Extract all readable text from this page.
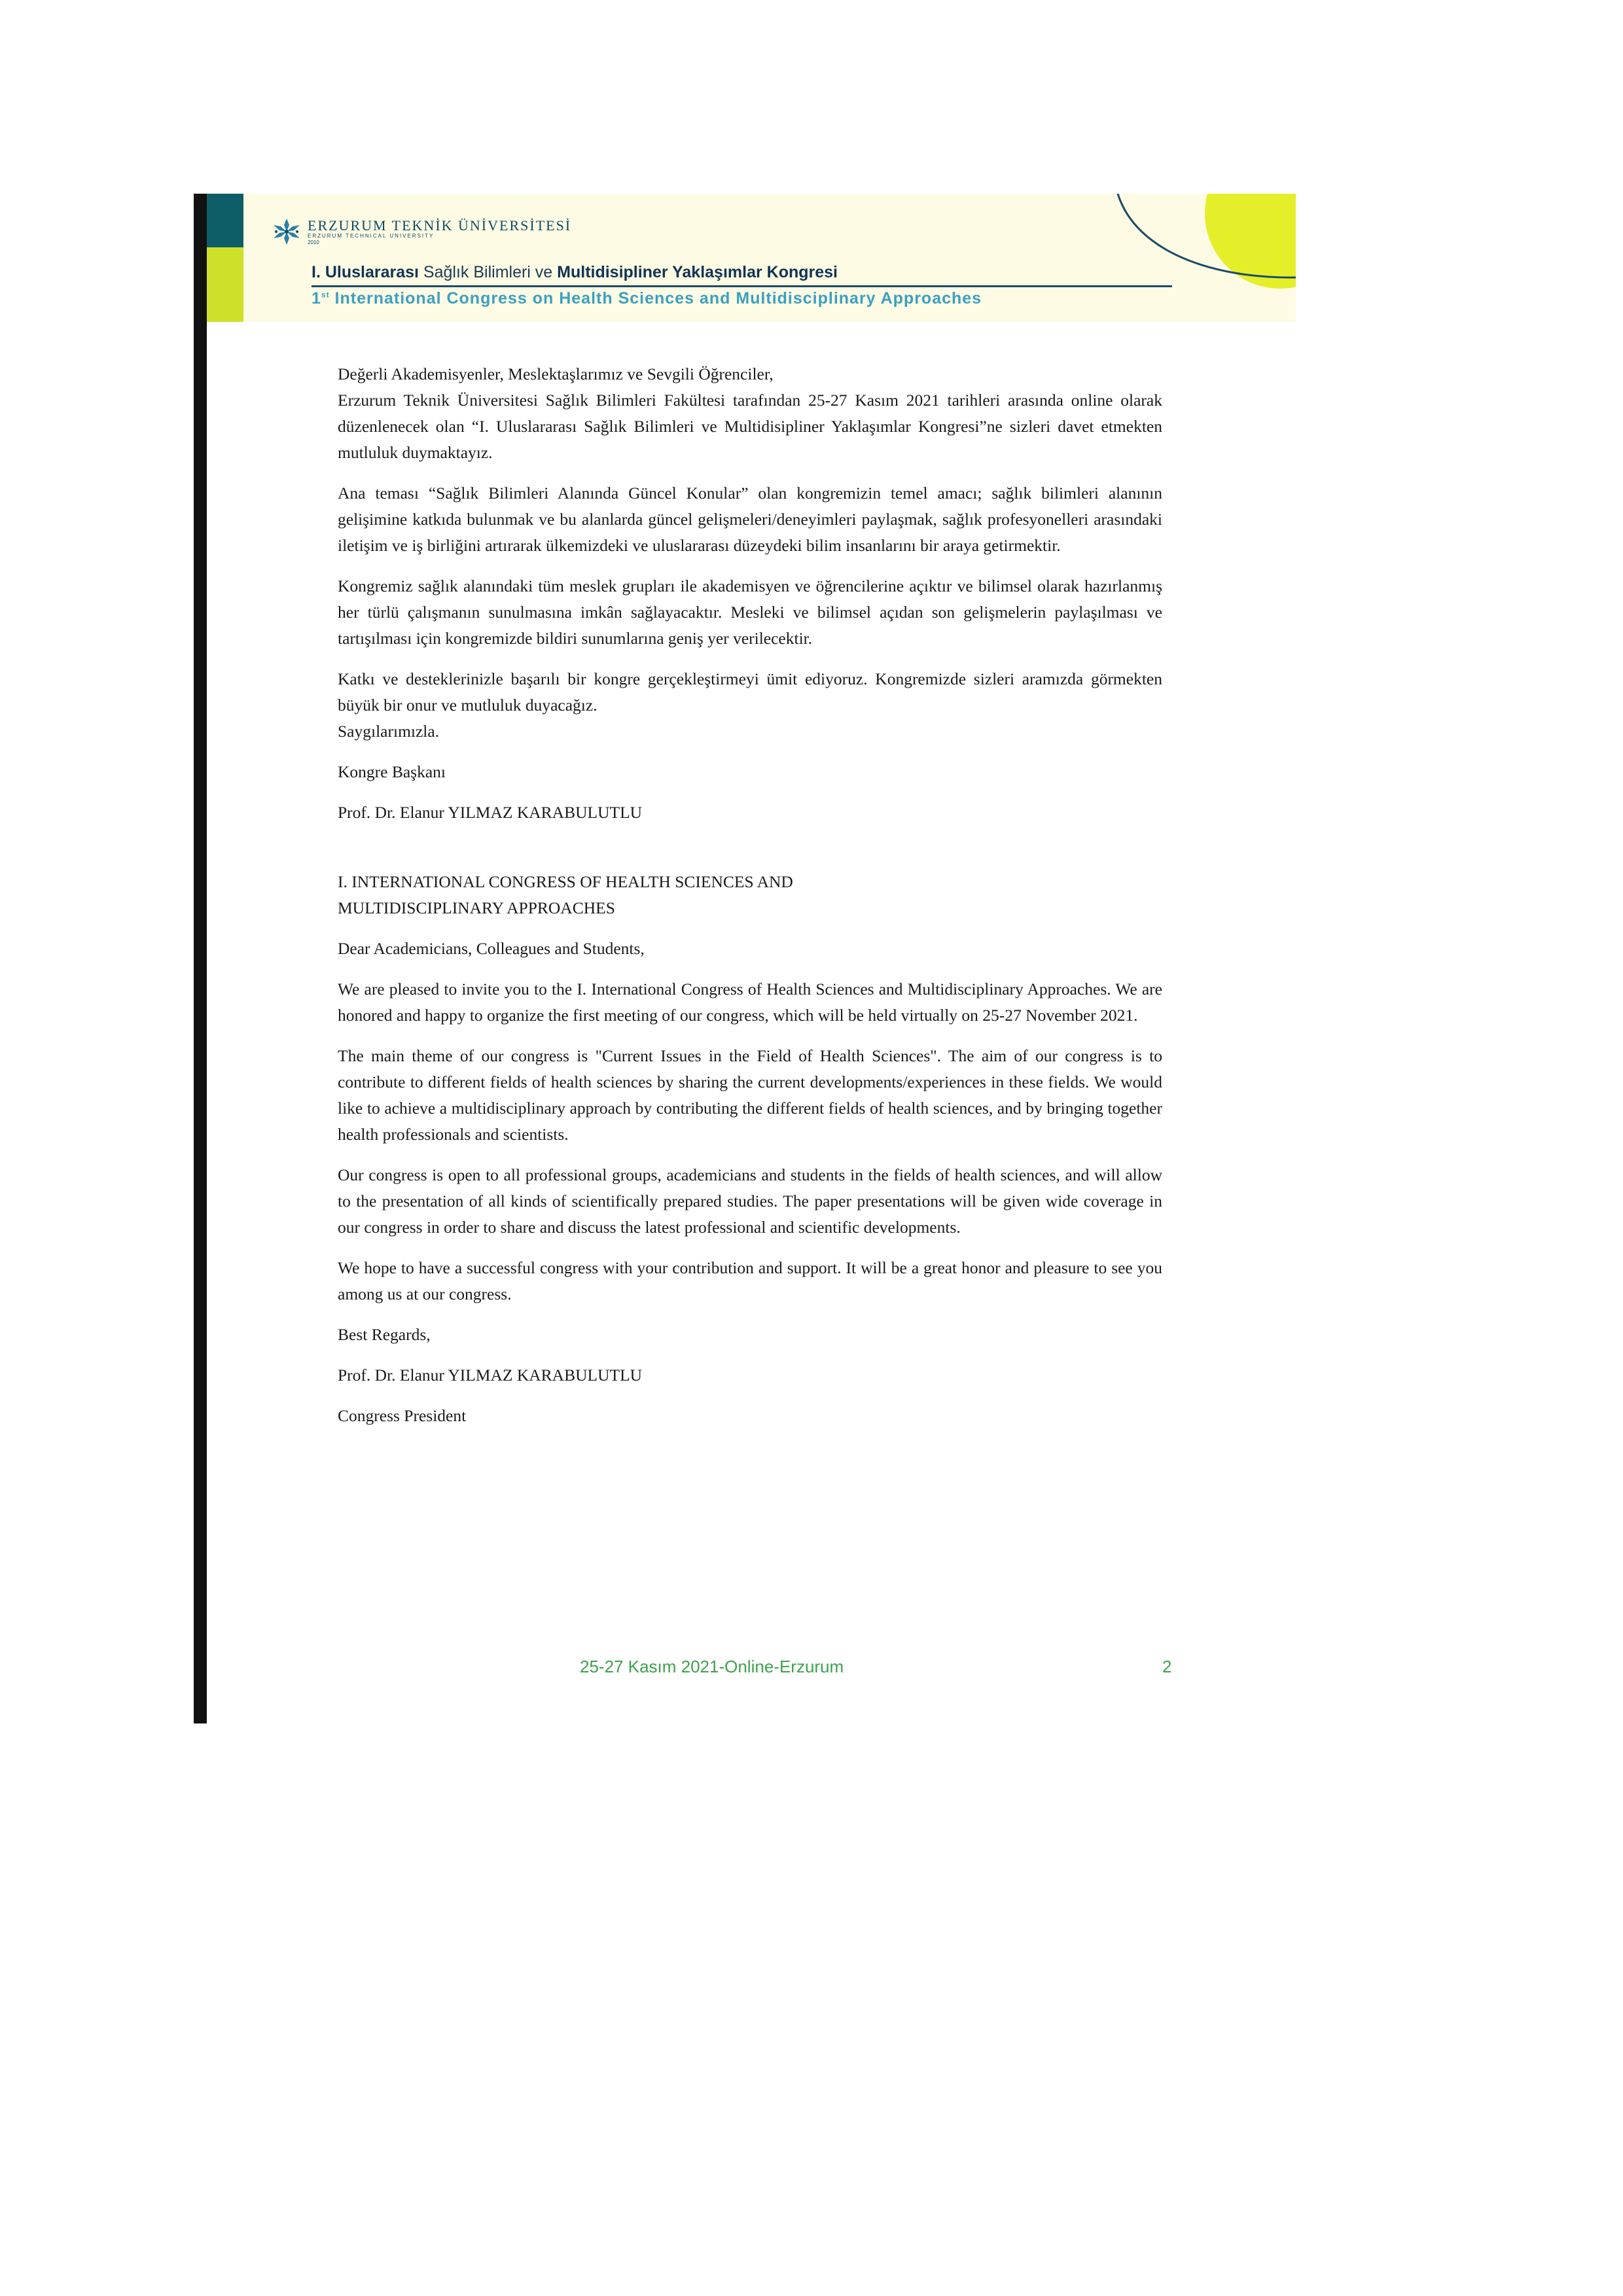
ERZURUM TEKNİK ÜNİVERSİTESİ
ERZURUM TECHNICAL UNIVERSITY
2010
I. Uluslararası Sağlık Bilimleri ve Multidisipliner Yaklaşımlar Kongresi
1st International Congress on Health Sciences and Multidisciplinary Approaches

Değerli Akademisyenler, Meslektaşlarımız ve Sevgili Öğrenciler,

Erzurum Teknik Üniversitesi Sağlık Bilimleri Fakültesi tarafından 25-27 Kasım 2021 tarihleri arasında online olarak düzenlenecek olan “I. Uluslararası Sağlık Bilimleri ve Multidisipliner Yaklaşımlar Kongresi”ne sizleri davet etmekten mutluluk duymaktayız.

Ana teması “Sağlık Bilimleri Alanında Güncel Konular” olan kongremizin temel amacı; sağlık bilimleri alanının gelişimine katkıda bulunmak ve bu alanlarda güncel gelişmeleri/deneyimleri paylaşmak, sağlık profesyonelleri arasındaki iletişim ve iş birliğini artırarak ülkemizdeki ve uluslararası düzeydeki bilim insanlarını bir araya getirmektir.

Kongremiz sağlık alanındaki tüm meslek grupları ile akademisyen ve öğrencilerine açıktır ve bilimsel olarak hazırlanmış her türlü çalışmanın sunulmasına imkân sağlayacaktır. Mesleki ve bilimsel açıdan son gelişmelerin paylaşılması ve tartışılması için kongremizde bildiri sunumlarına geniş yer verilecektir.

Katkı ve desteklerinizle başarılı bir kongre gerçekleştirmeyi ümit ediyoruz. Kongremizde sizleri aramızda görmekten büyük bir onur ve mutluluk duyacağız.
Saygılarımızla.

Kongre Başkanı

Prof. Dr. Elanur YILMAZ KARABULUTLU

I. INTERNATIONAL CONGRESS OF HEALTH SCIENCES AND
MULTIDISCIPLINARY APPROACHES

Dear Academicians, Colleagues and Students,

We are pleased to invite you to the I. International Congress of Health Sciences and Multidisciplinary Approaches. We are honored and happy to organize the first meeting of our congress, which will be held virtually on 25-27 November 2021.

The main theme of our congress is "Current Issues in the Field of Health Sciences". The aim of our congress is to contribute to different fields of health sciences by sharing the current developments/experiences in these fields. We would like to achieve a multidisciplinary approach by contributing the different fields of health sciences, and by bringing together health professionals and scientists.

Our congress is open to all professional groups, academicians and students in the fields of health sciences, and will allow to the presentation of all kinds of scientifically prepared studies. The paper presentations will be given wide coverage in our congress in order to share and discuss the latest professional and scientific developments.

We hope to have a successful congress with your contribution and support. It will be a great honor and pleasure to see you among us at our congress.

Best Regards,

Prof. Dr. Elanur YILMAZ KARABULUTLU

Congress President

25-27 Kasım 2021-Online-Erzurum	2
